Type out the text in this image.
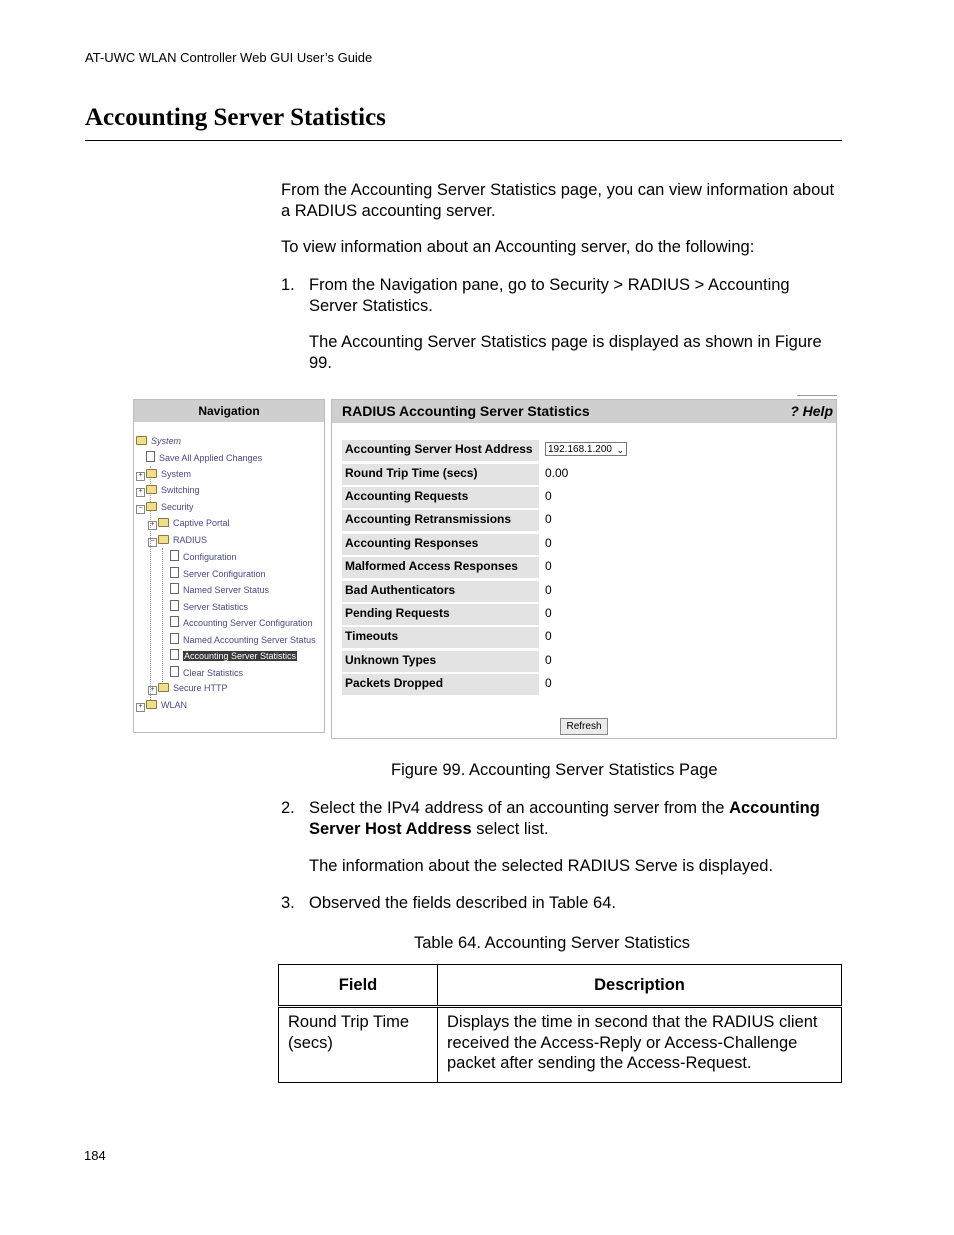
AT-UWC WLAN Controller Web GUI User’s Guide
Accounting Server Statistics
From the Accounting Server Statistics page, you can view information about a RADIUS accounting server.
To view information about an Accounting server, do the following:
1. From the Navigation pane, go to Security > RADIUS > Accounting Server Statistics.
The Accounting Server Statistics page is displayed as shown in Figure 99.
Navigation
System
Save All Applied Changes
+ System
+ Switching
− Security
+ Captive Portal
− RADIUS
Configuration
Server Configuration
Named Server Status
Server Statistics
Accounting Server Configuration
Named Accounting Server Status
Accounting Server Statistics
Clear Statistics
+ Secure HTTP
+ WLAN
RADIUS Accounting Server Statistics	? Help
Accounting Server Host Address	192.168.1.200 ⌄
Round Trip Time (secs)	0.00
Accounting Requests	0
Accounting Retransmissions	0
Accounting Responses	0
Malformed Access Responses	0
Bad Authenticators	0
Pending Requests	0
Timeouts	0
Unknown Types	0
Packets Dropped	0
Refresh
Figure 99. Accounting Server Statistics Page
2. Select the IPv4 address of an accounting server from the Accounting Server Host Address select list.
The information about the selected RADIUS Serve is displayed.
3. Observed the fields described in Table 64.
Table 64. Accounting Server Statistics
Field	Description
Round Trip Time (secs)	Displays the time in second that the RADIUS client received the Access-Reply or Access-Challenge packet after sending the Access-Request.
184
